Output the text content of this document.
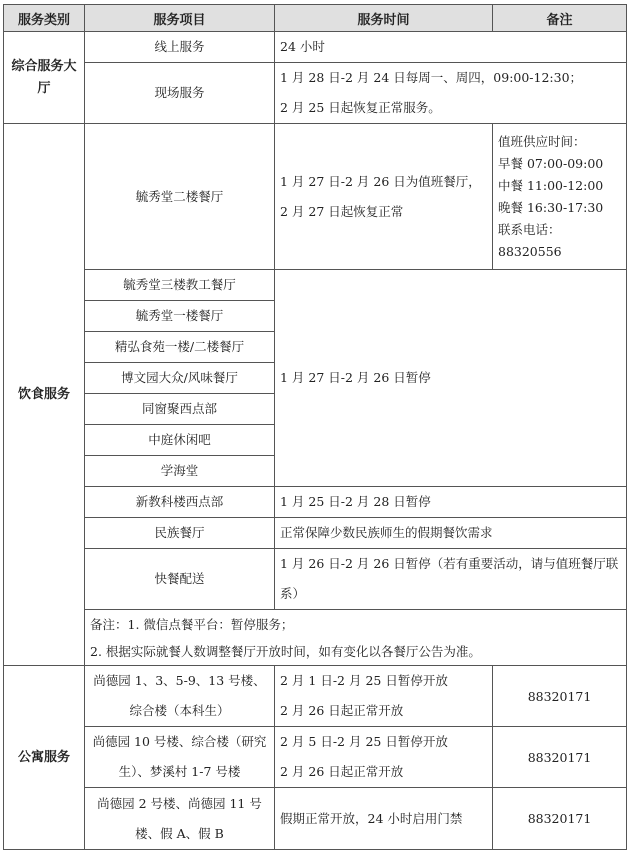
服务类别	服务项目	服务时间	备注
综合服务大厅	线上服务	24 小时	
	现场服务	1 月 28 日-2 月 24 日每周一、周四，09:00-12:30；
2 月 25 日起恢复正常服务。	

饮食服务	毓秀堂二楼餐厅	1 月 27 日-2 月 26 日为值班餐厅，2 月 27 日起恢复正常	值班供应时间：
早餐 07:00-09:00
中餐 11:00-12:00
晚餐 16:30-17:30
联系电话：88320556

	毓秀堂三楼教工餐厅	1 月 27 日-2 月 26 日暂停	
	毓秀堂一楼餐厅		
	精弘食苑一楼/二楼餐厅		
	博文园大众/风味餐厅		
	同窗聚西点部		
	中庭休闲吧		
	学海堂		
	新教科楼西点部	1 月 25 日-2 月 28 日暂停	
	民族餐厅	正常保障少数民族师生的假期餐饮需求	
	快餐配送	1 月 26 日-2 月 26 日暂停（若有重要活动，请与值班餐厅联系）	

	备注：1. 微信点餐平台：暂停服务；
2. 根据实际就餐人数调整餐厅开放时间，如有变化以各餐厅公告为准。		

公寓服务	尚德园 1、3、5-9、13 号楼、综合楼（本科生）	2 月 1 日-2 月 25 日暂停开放
2 月 26 日起正常开放	88320171
	尚德园 10 号楼、综合楼（研究生）、梦溪村 1-7 号楼	2 月 5 日-2 月 25 日暂停开放
2 月 26 日起正常开放	88320171
	尚德园 2 号楼、尚德园 11 号楼、假 A、假 B	假期正常开放，24 小时启用门禁	88320171
